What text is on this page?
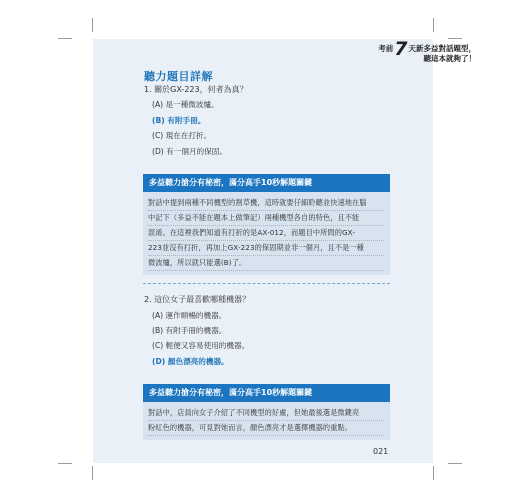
考前7天新多益對話題型，
聽這本就夠了！
聽力題目詳解
1. 關於GX-223，何者為真？
(A) 是一種微波爐。
(B) 有附手冊。
(C) 現在在打折。
(D) 有一個月的保固。
多益聽力搶分有秘密，滿分高手10秒解題關鍵
對話中提到兩種不同機型的割草機，這時就要仔細聆聽並快速地在腦
中記下（多益不能在題本上做筆記）兩種機型各自的特色，且不能
混淆。在這裡我們知道有打折的是AX-012，而題目中所問的GX-
223並沒有打折，再加上GX-223的保固期並非一個月，且不是一種
微波爐，所以就只能選(B)了。
2. 這位女子最喜歡哪種機器？
(A) 運作順暢的機器。
(B) 有附手冊的機器。
(C) 輕便又容易使用的機器。
(D) 顏色漂亮的機器。
多益聽力搶分有秘密，滿分高手10秒解題關鍵
對話中，店員向女子介紹了不同機型的好處，但她最後選是微鍵亮
粉紅色的機器，可見對她而言，顏色漂亮才是選擇機器的重點。
021
